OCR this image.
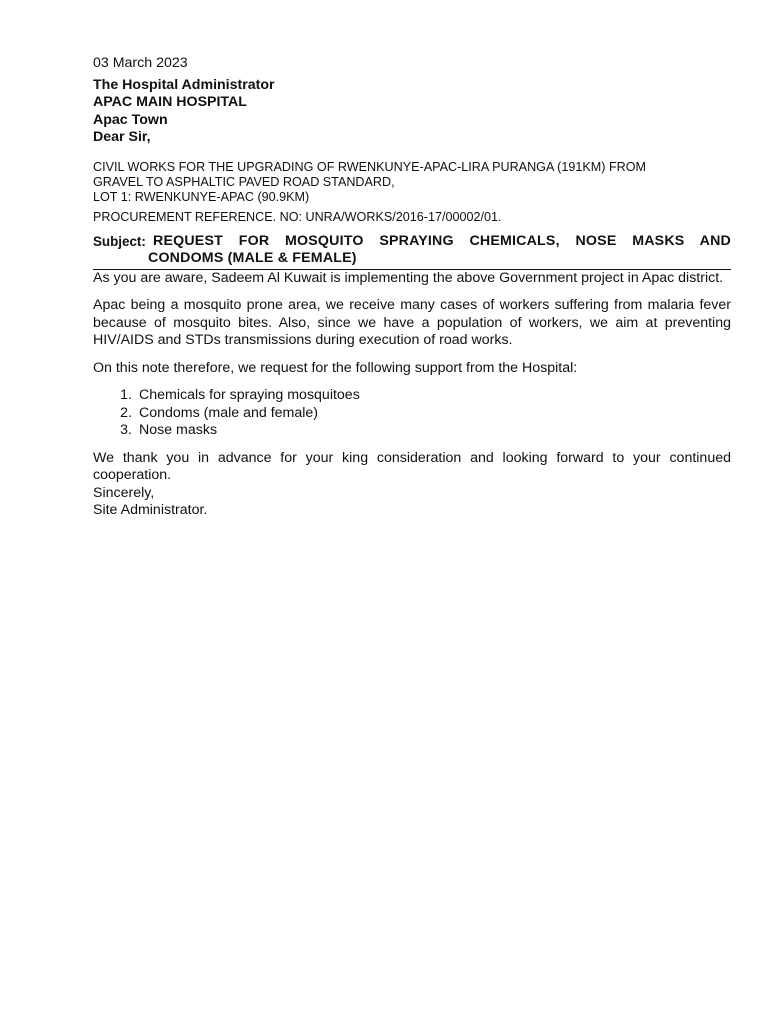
03 March 2023

The Hospital Administrator

APAC MAIN HOSPITAL

Apac Town

Dear Sir,

CIVIL WORKS FOR THE UPGRADING OF RWENKUNYE-APAC-LIRA PURANGA (191KM) FROM
GRAVEL TO ASPHALTIC PAVED ROAD STANDARD,
LOT 1: RWENKUNYE-APAC (90.9KM)
PROCUREMENT REFERENCE. NO: UNRA/WORKS/2016-17/00002/01.
Subject: REQUEST FOR MOSQUITO SPRAYING CHEMICALS, NOSE MASKS AND
CONDOMS (MALE & FEMALE)

As you are aware, Sadeem Al Kuwait is implementing the above Government project in Apac district.

Apac being a mosquito prone area, we receive many cases of workers suffering from malaria fever because of mosquito bites. Also, since we have a population of workers, we aim at preventing HIV/AIDS and STDs transmissions during execution of road works.

On this note therefore, we request for the following support from the Hospital:

1. Chemicals for spraying mosquitoes
2. Condoms (male and female)
3. Nose masks

We thank you in advance for your king consideration and looking forward to your continued cooperation.

Sincerely,

Site Administrator.
